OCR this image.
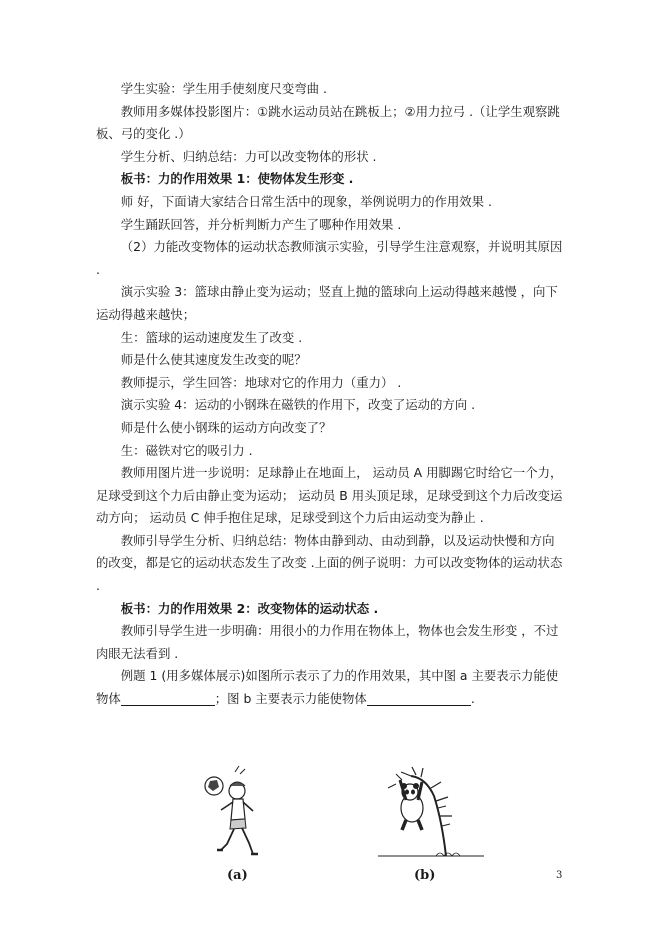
学生实验：学生用手使刻度尺变弯曲 .

教师用多媒体投影图片：①跳水运动员站在跳板上；②用力拉弓 .（让学生观察跳板、弓的变化 .）

学生分析、归纳总结：力可以改变物体的形状 .

板书：力的作用效果 1：使物体发生形变 .

师 好，下面请大家结合日常生活中的现象，举例说明力的作用效果 .

学生踊跃回答，并分析判断力产生了哪种作用效果 .

（2）力能改变物体的运动状态教师演示实验，引导学生注意观察，并说明其原因 .

演示实验 3：篮球由静止变为运动；竖直上抛的篮球向上运动得越来越慢 ，向下运动得越来越快；

生：篮球的运动速度发生了改变 .

师是什么使其速度发生改变的呢？

教师提示，学生回答：地球对它的作用力（重力） .

演示实验 4：运动的小钢珠在磁铁的作用下，改变了运动的方向 .

师是什么使小钢珠的运动方向改变了？

生：磁铁对它的吸引力 .

教师用图片进一步说明：足球静止在地面上， 运动员 A 用脚踢它时给它一个力，足球受到这个力后由静止变为运动； 运动员 B 用头顶足球，足球受到这个力后改变运动方向； 运动员 C 伸手抱住足球，足球受到这个力后由运动变为静止 .

教师引导学生分析、归纳总结：物体由静到动、由动到静，以及运动快慢和方向的改变，都是它的运动状态发生了改变 .上面的例子说明：力可以改变物体的运动状态 .

板书：力的作用效果 2：改变物体的运动状态 .

教师引导学生进一步明确：用很小的力作用在物体上，物体也会发生形变 ，不过肉眼无法看到 .

例题 1 (用多媒体展示)如图所示表示了力的作用效果，其中图 a 主要表示力能使物体	；图 b 主要表示力能使物体	.

(a)	(b)	3
